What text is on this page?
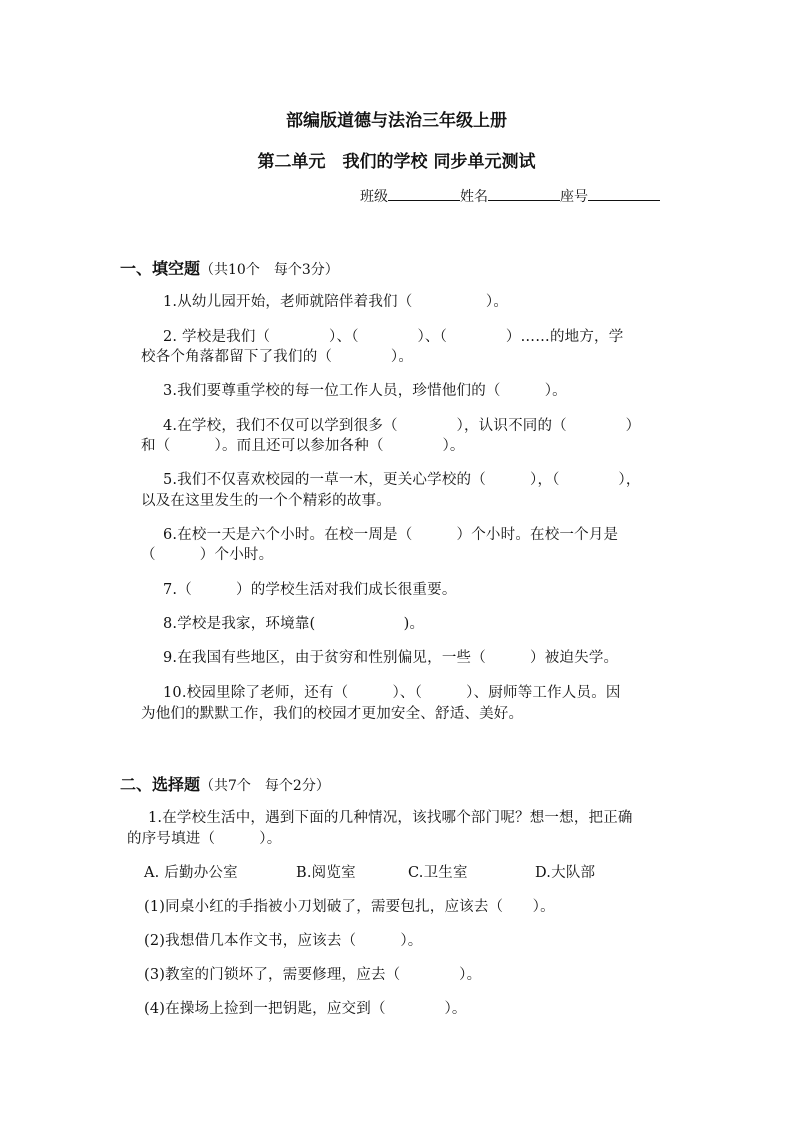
部编版道德与法治三年级上册
第二单元　我们的学校 同步单元测试
班级	姓名	座号
一、填空题（共10个　每个3分）
1.从幼儿园开始，老师就陪伴着我们（　　　　　）。
2. 学校是我们（　　　　）、（　　　　）、（　　　　）……的地方，学
校各个角落都留下了我们的（　　　　）。
3.我们要尊重学校的每一位工作人员，珍惜他们的（　　　）。
4.在学校，我们不仅可以学到很多（　　　　），认识不同的（　　　　）
和（　　　）。而且还可以参加各种（　　　　）。
5.我们不仅喜欢校园的一草一木，更关心学校的（　　　），（　　　　），
以及在这里发生的一个个精彩的故事。
6.在校一天是六个小时。在校一周是（　　　）个小时。在校一个月是
（　　　）个小时。
7.（　　　）的学校生活对我们成长很重要。
8.学校是我家，环境靠(　　　　　　)。
9.在我国有些地区，由于贫穷和性别偏见，一些（　　　）被迫失学。
10.校园里除了老师，还有（　　　）、（　　　）、厨师等工作人员。因
为他们的默默工作，我们的校园才更加安全、舒适、美好。
二、选择题（共7个　每个2分）
1.在学校生活中，遇到下面的几种情况，该找哪个部门呢？想一想，把正确
的序号填进（　　　）。
A. 后勤办公室	B.阅览室	C.卫生室	D.大队部
(1)同桌小红的手指被小刀划破了，需要包扎，应该去（　　）。
(2)我想借几本作文书，应该去（　　　）。
(3)教室的门锁坏了，需要修理，应去（　　　　）。
(4)在操场上捡到一把钥匙，应交到（　　　　）。
